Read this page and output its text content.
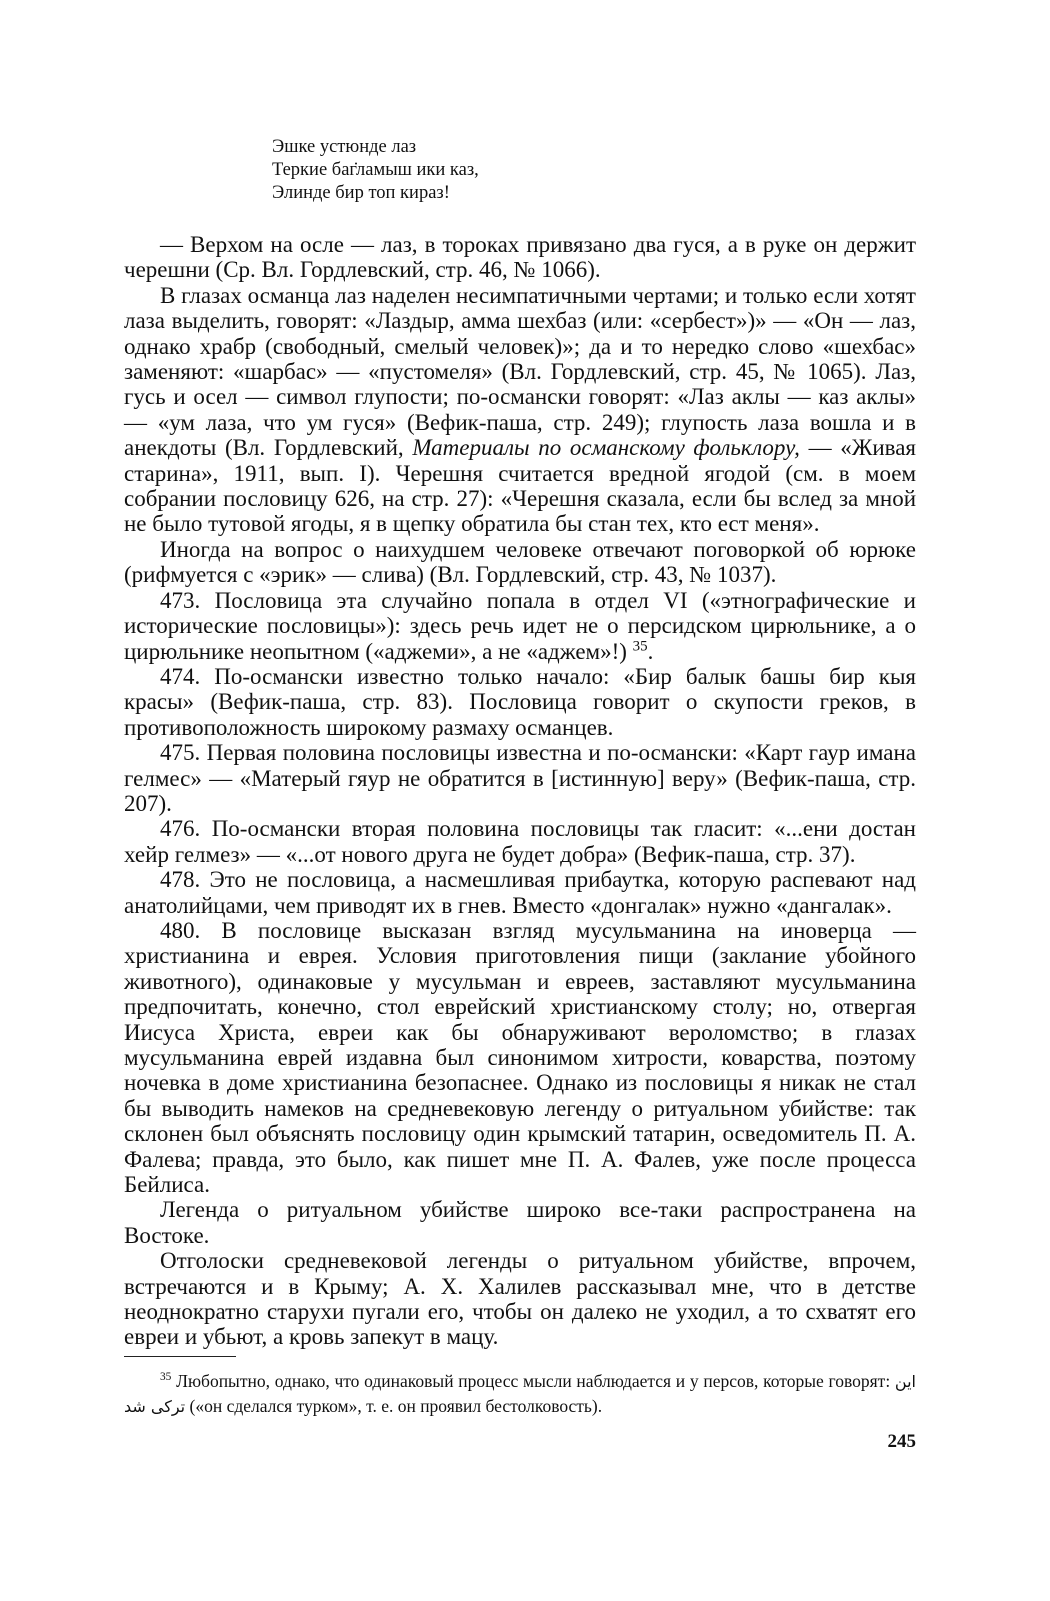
Эшке устюнде лаз
Теркие баг̇ламыш ики каз,
Элинде бир топ кираз!

— Верхом на осле — лаз, в тороках привязано два гуся, а в руке он держит черешни (Ср. Вл. Гордлевский, стр. 46, № 1066).

В глазах османца лаз наделен несимпатичными чертами; и только если хотят лаза выделить, говорят: «Лаздыр, амма шехбаз (или: «сербест»)» — «Он — лаз, однако храбр (свободный, смелый человек)»; да и то нередко слово «шехбас» заменяют: «шарбас» — «пустомеля» (Вл. Гордлевский, стр. 45, № 1065). Лаз, гусь и осел — символ глупости; по-османски говорят: «Лаз аклы — каз аклы» — «ум лаза, что ум гуся» (Вефик-паша, стр. 249); глупость лаза вошла и в анекдоты (Вл. Гордлевский, Материалы по османскому фольклору, — «Живая старина», 1911, вып. I). Черешня считается вредной ягодой (см. в моем собрании пословицу 626, на стр. 27): «Черешня сказала, если бы вслед за мной не было тутовой ягоды, я в щепку обратила бы стан тех, кто ест меня».

Иногда на вопрос о наихудшем человеке отвечают поговоркой об юрюке (рифмуется с «эрик» — слива) (Вл. Гордлевский, стр. 43, № 1037).

473. Пословица эта случайно попала в отдел VI («этнографические и исторические пословицы»): здесь речь идет не о персидском цирюльнике, а о цирюльнике неопытном («аджеми», а не «аджем»!) $^{35}$.

474. По-османски известно только начало: «Бир балык башы бир кыя красы» (Вефик-паша, стр. 83). Пословица говорит о скупости греков, в противоположность широкому размаху османцев.

475. Первая половина пословицы известна и по-османски: «Карт гаур имана гелмес» — «Матерый гяур не обратится в [истинную] веру» (Вефик-паша, стр. 207).

476. По-османски вторая половина пословицы так гласит: «...ени достан хейр гелмез» — «...от нового друга не будет добра» (Вефик-паша, стр. 37).

478. Это не пословица, а насмешливая прибаутка, которую распевают над анатолийцами, чем приводят их в гнев. Вместо «донгалак» нужно «дангалак».

480. В пословице высказан взгляд мусульманина на иноверца — христианина и еврея. Условия приготовления пищи (заклание убойного животного), одинаковые у мусульман и евреев, заставляют мусульманина предпочитать, конечно, стол еврейский христианскому столу; но, отвергая Иисуса Христа, евреи как бы обнаруживают вероломство; в глазах мусульманина еврей издавна был синонимом хитрости, коварства, поэтому ночевка в доме христианина безопаснее. Однако из пословицы я никак не стал бы выводить намеков на средневековую легенду о ритуальном убийстве: так склонен был объяснять пословицу один крымский татарин, осведомитель П. А. Фалева; правда, это было, как пишет мне П. А. Фалев, уже после процесса Бейлиса.

Легенда о ритуальном убийстве широко все-таки распространена на Востоке.

Отголоски средневековой легенды о ритуальном убийстве, впрочем, встречаются и в Крыму; А. Х. Халилев рассказывал мне, что в детстве неоднократно старухи пугали его, чтобы он далеко не уходил, а то схватят его евреи и убьют, а кровь запекут в мацу.

$^{35}$ Любопытно, однако, что одинаковый процесс мысли наблюдается и у персов, которые говорят: این ترکی شد («он сделался турком», т. е. он проявил бестолковость).
245
